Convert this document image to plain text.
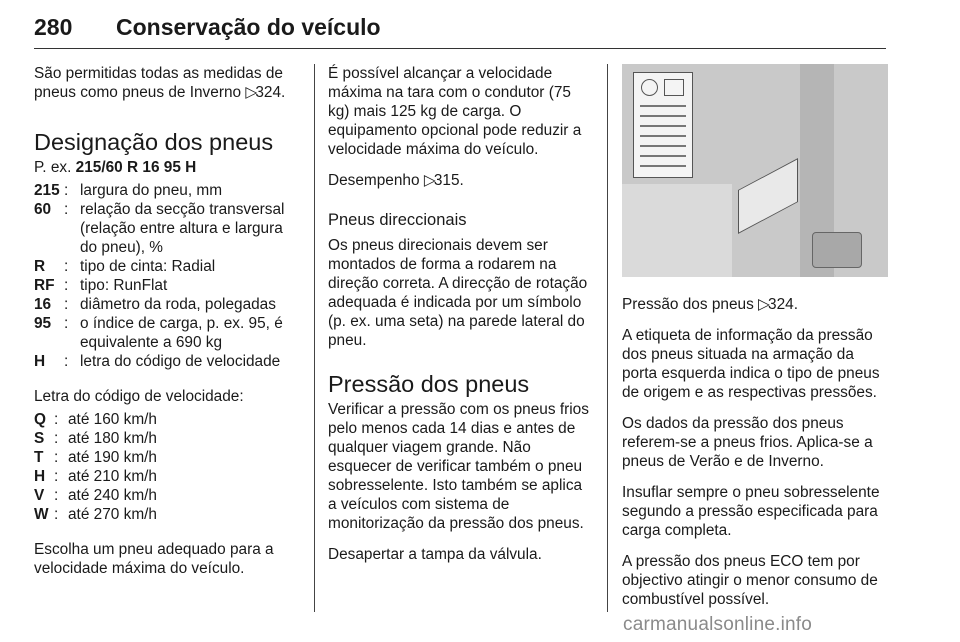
280 Conservação do veículo

São permitidas todas as medidas de pneus como pneus de Inverno ▷324.

Designação dos pneus

P. ex. 215/60 R 16 95 H

215 : largura do pneu, mm
60 : relação da secção transversal (relação entre altura e largura do pneu), %
R	: tipo de cinta: Radial
RF : tipo: RunFlat
16 : diâmetro da roda, polegadas
95 : o índice de carga, p. ex. 95, é equivalente a 690 kg
H	: letra do código de velocidade

Letra do código de velocidade:

Q : até 160 km/h
S : até 180 km/h
T : até 190 km/h
H : até 210 km/h
V : até 240 km/h
W : até 270 km/h

Escolha um pneu adequado para a velocidade máxima do veículo.

É possível alcançar a velocidade máxima na tara com o condutor (75 kg) mais 125 kg de carga. O equipamento opcional pode reduzir a velocidade máxima do veículo.

Desempenho ▷315.

Pneus direccionais

Os pneus direcionais devem ser montados de forma a rodarem na direção correta. A direcção de rotação adequada é indicada por um símbolo (p. ex. uma seta) na parede lateral do pneu.

Pressão dos pneus

Verificar a pressão com os pneus frios pelo menos cada 14 dias e antes de qualquer viagem grande. Não esquecer de verificar também o pneu sobresselente. Isto também se aplica a veículos com sistema de monitorização da pressão dos pneus.

Desapertar a tampa da válvula.

Pressão dos pneus ▷324.

A etiqueta de informação da pressão dos pneus situada na armação da porta esquerda indica o tipo de pneus de origem e as respectivas pressões.

Os dados da pressão dos pneus referem-se a pneus frios. Aplica-se a pneus de Verão e de Inverno.

Insuflar sempre o pneu sobresselente segundo a pressão especificada para carga completa.

A pressão dos pneus ECO tem por objectivo atingir o menor consumo de combustível possível.

carmanualsonline.info
